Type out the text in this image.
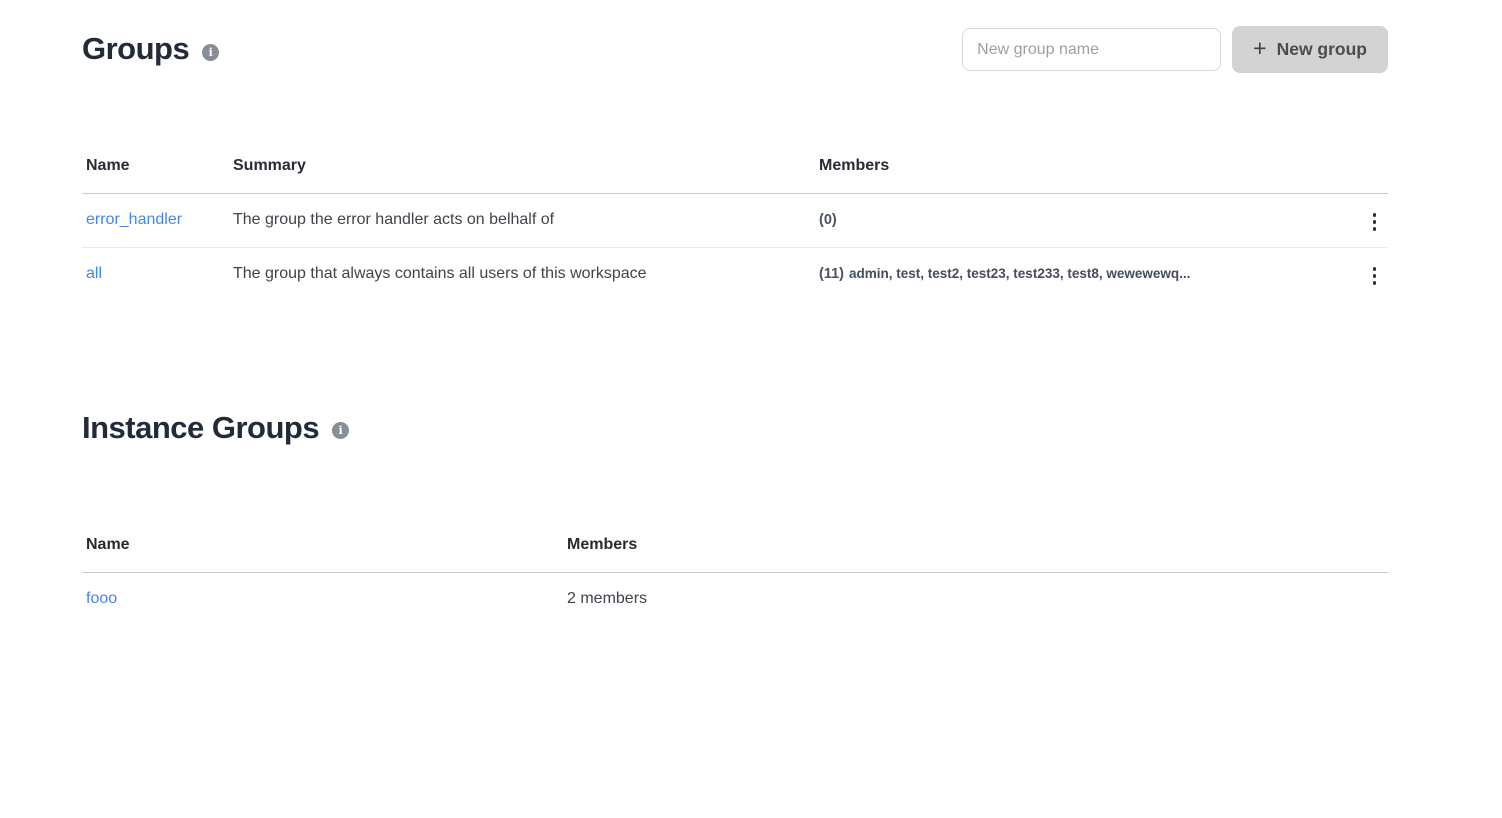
Groups i
New group name	+ New group
Name	Summary	Members	
error_handler	The group the error handler acts on belhalf of	(0)	

all	The group that always contains all users of this workspace	(11) admin, test, test2, test23, test233, test8, wewewewq...	
Instance Groups i
Name	Members
fooo	2 members
